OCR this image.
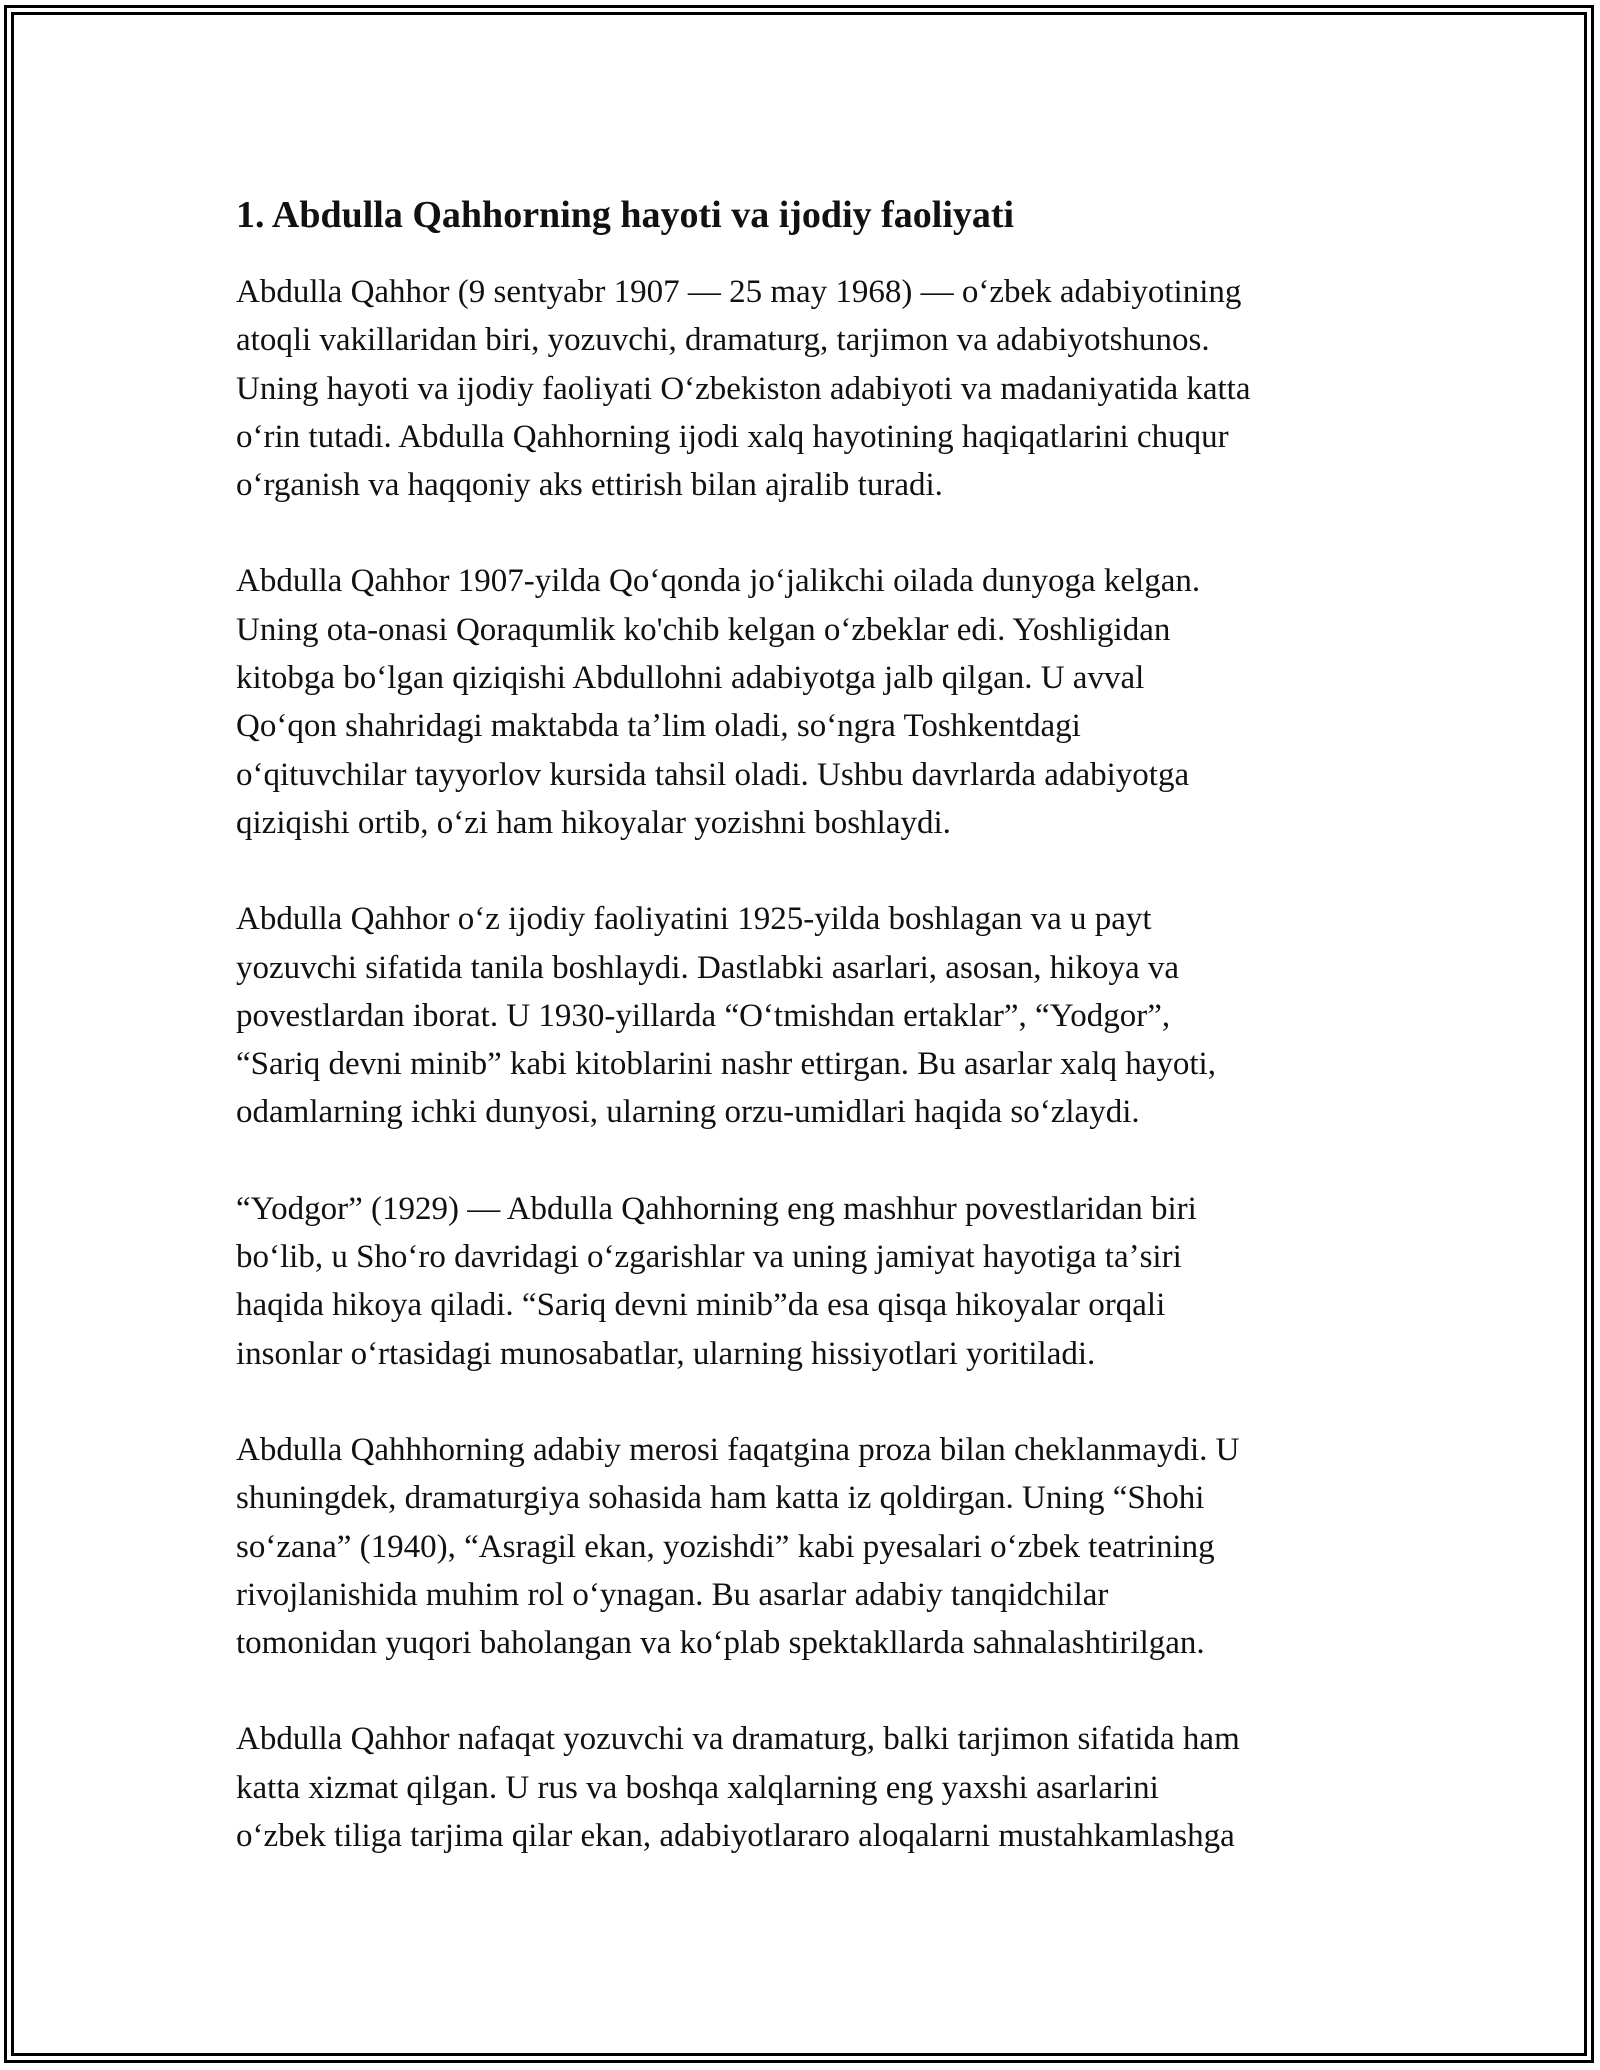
1. Abdulla Qahhorning hayoti va ijodiy faoliyati
Abdulla Qahhor (9 sentyabr 1907 — 25 may 1968) — oʻzbek adabiyotining
atoqli vakillaridan biri, yozuvchi, dramaturg, tarjimon va adabiyotshunos.
Uning hayoti va ijodiy faoliyati Oʻzbekiston adabiyoti va madaniyatida katta
oʻrin tutadi. Abdulla Qahhorning ijodi xalq hayotining haqiqatlarini chuqur
oʻrganish va haqqoniy aks ettirish bilan ajralib turadi.
Abdulla Qahhor 1907-yilda Qoʻqonda joʻjalikchi oilada dunyoga kelgan.
Uning ota-onasi Qoraqumlik ko'chib kelgan oʻzbeklar edi. Yoshligidan
kitobga boʻlgan qiziqishi Abdullohni adabiyotga jalb qilgan. U avval
Qoʻqon shahridagi maktabda taʼlim oladi, soʻngra Toshkentdagi
oʻqituvchilar tayyorlov kursida tahsil oladi. Ushbu davrlarda adabiyotga
qiziqishi ortib, oʻzi ham hikoyalar yozishni boshlaydi.
Abdulla Qahhor oʻz ijodiy faoliyatini 1925-yilda boshlagan va u payt
yozuvchi sifatida tanila boshlaydi. Dastlabki asarlari, asosan, hikoya va
povestlardan iborat. U 1930-yillarda “Oʻtmishdan ertaklar”, “Yodgor”,
“Sariq devni minib” kabi kitoblarini nashr ettirgan. Bu asarlar xalq hayoti,
odamlarning ichki dunyosi, ularning orzu-umidlari haqida soʻzlaydi.
“Yodgor” (1929) — Abdulla Qahhorning eng mashhur povestlaridan biri
boʻlib, u Shoʻro davridagi oʻzgarishlar va uning jamiyat hayotiga taʼsiri
haqida hikoya qiladi. “Sariq devni minib”da esa qisqa hikoyalar orqali
insonlar oʻrtasidagi munosabatlar, ularning hissiyotlari yoritiladi.
Abdulla Qahhhorning adabiy merosi faqatgina proza bilan cheklanmaydi. U
shuningdek, dramaturgiya sohasida ham katta iz qoldirgan. Uning “Shohi
soʻzana” (1940), “Asragil ekan, yozishdi” kabi pyesalari oʻzbek teatrining
rivojlanishida muhim rol oʻynagan. Bu asarlar adabiy tanqidchilar
tomonidan yuqori baholangan va koʻplab spektakllarda sahnalashtirilgan.
Abdulla Qahhor nafaqat yozuvchi va dramaturg, balki tarjimon sifatida ham
katta xizmat qilgan. U rus va boshqa xalqlarning eng yaxshi asarlarini
oʻzbek tiliga tarjima qilar ekan, adabiyotlararo aloqalarni mustahkamlashga
